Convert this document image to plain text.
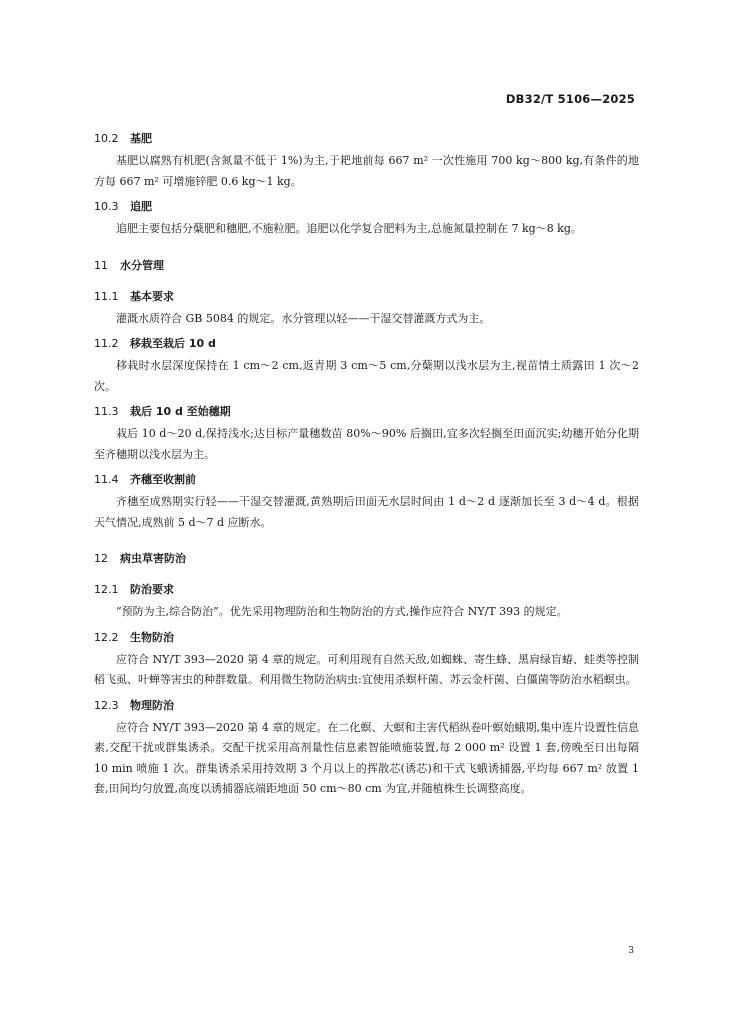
DB32/T 5106—2025
10.2	基肥

基肥以腐熟有机肥(含氮量不低于 1%)为主,于耙地前每 667 m² 一次性施用 700 kg～800 kg,有条件的地方每 667 m² 可增施锌肥 0.6 kg～1 kg。

10.3	追肥

追肥主要包括分蘖肥和穗肥,不施粒肥。追肥以化学复合肥料为主,总施氮量控制在 7 kg～8 kg。

11	水分管理
11.1	基本要求

灌溉水质符合 GB 5084 的规定。水分管理以轻——干湿交替灌溉方式为主。

11.2	移栽至栽后 10 d

移栽时水层深度保持在 1 cm～2 cm,返青期 3 cm～5 cm,分蘖期以浅水层为主,视苗情土质露田 1 次～2 次。

11.3	栽后 10 d 至始穗期

栽后 10 d～20 d,保持浅水;达目标产量穗数苗 80%～90% 后搁田,宜多次轻搁至田面沉实;幼穗开始分化期至齐穗期以浅水层为主。

11.4	齐穗至收割前

齐穗至成熟期实行轻——干湿交替灌溉,黄熟期后田面无水层时间由 1 d～2 d 逐渐加长至 3 d～4 d。根据天气情况,成熟前 5 d～7 d 应断水。

12	病虫草害防治
12.1	防治要求

“预防为主,综合防治”。优先采用物理防治和生物防治的方式,操作应符合 NY/T 393 的规定。

12.2	生物防治

应符合 NY/T 393—2020 第 4 章的规定。可利用现有自然天敌,如蜘蛛、寄生蜂、黑肩绿盲蝽、蛙类等控制稻飞虱、叶蝉等害虫的种群数量。利用微生物防治病虫:宜使用杀螟杆菌、苏云金杆菌、白僵菌等防治水稻螟虫。

12.3	物理防治

应符合 NY/T 393—2020 第 4 章的规定。在二化螟、大螟和主害代稻纵卷叶螟始蛾期,集中连片设置性信息素,交配干扰或群集诱杀。交配干扰采用高剂量性信息素智能喷施装置,每 2 000 m² 设置 1 套,傍晚至日出每隔 10 min 喷施 1 次。群集诱杀采用持效期 3 个月以上的挥散芯(诱芯)和干式飞蛾诱捕器,平均每 667 m² 放置 1 套,田间均匀放置,高度以诱捕器底端距地面 50 cm～80 cm 为宜,并随植株生长调整高度。

3
